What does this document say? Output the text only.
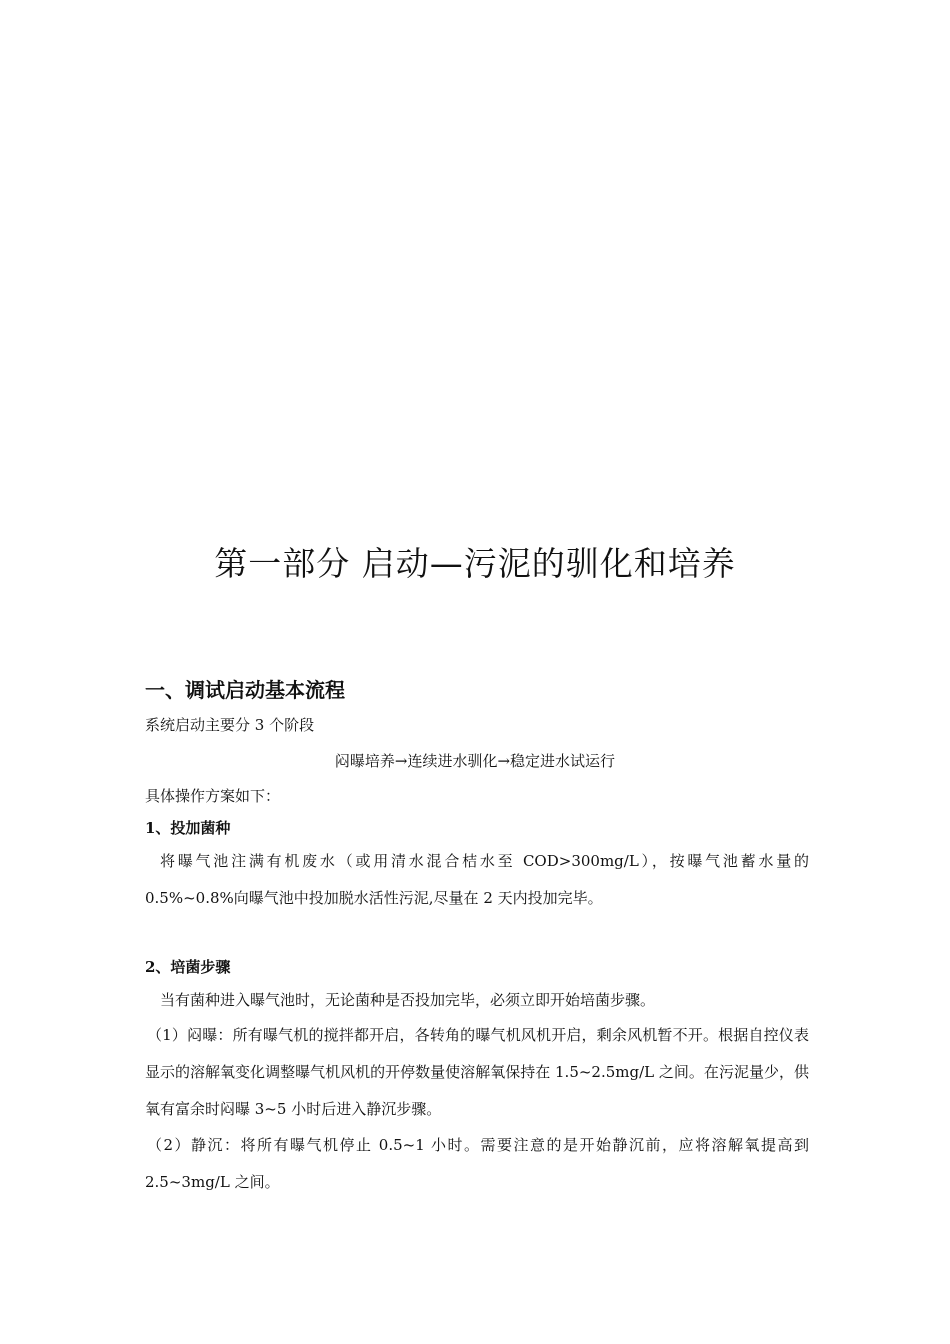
第一部分 启动—污泥的驯化和培养
一、调试启动基本流程
系统启动主要分 3 个阶段
闷曝培养→连续进水驯化→稳定进水试运行
具体操作方案如下：
1、投加菌种
将曝气池注满有机废水（或用清水混合桔水至 COD>300mg/L），按曝气池蓄水量的 0.5%~0.8%向曝气池中投加脱水活性污泥,尽量在 2 天内投加完毕。
2、培菌步骤
当有菌种进入曝气池时，无论菌种是否投加完毕，必须立即开始培菌步骤。
（1）闷曝：所有曝气机的搅拌都开启，各转角的曝气机风机开启，剩余风机暂不开。根据自控仪表显示的溶解氧变化调整曝气机风机的开停数量使溶解氧保持在 1.5~2.5mg/L 之间。在污泥量少，供氧有富余时闷曝 3~5 小时后进入静沉步骤。
（2）静沉：将所有曝气机停止 0.5~1 小时。需要注意的是开始静沉前，应将溶解氧提高到 2.5~3mg/L 之间。
